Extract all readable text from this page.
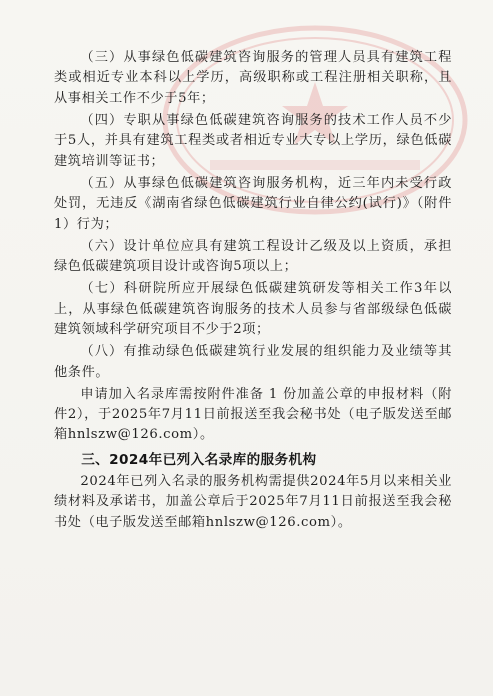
（三）从事绿色低碳建筑咨询服务的管理人员具有建筑工程类或相近专业本科以上学历，高级职称或工程注册相关职称，且从事相关工作不少于5年；

（四）专职从事绿色低碳建筑咨询服务的技术工作人员不少于5人，并具有建筑工程类或者相近专业大专以上学历，绿色低碳建筑培训等证书；

（五）从事绿色低碳建筑咨询服务机构，近三年内未受行政处罚，无违反《湖南省绿色低碳建筑行业自律公约(试行)》（附件1）行为；

（六）设计单位应具有建筑工程设计乙级及以上资质，承担绿色低碳建筑项目设计或咨询5项以上；

（七）科研院所应开展绿色低碳建筑研发等相关工作3年以上，从事绿色低碳建筑咨询服务的技术人员参与省部级绿色低碳建筑领域科学研究项目不少于2项；

（八）有推动绿色低碳建筑行业发展的组织能力及业绩等其他条件。

申请加入名录库需按附件准备 1 份加盖公章的申报材料（附件2），于2025年7月11日前报送至我会秘书处（电子版发送至邮箱hnlszw@126.com）。

三、2024年已列入名录库的服务机构

2024年已列入名录的服务机构需提供2024年5月以来相关业绩材料及承诺书，加盖公章后于2025年7月11日前报送至我会秘书处（电子版发送至邮箱hnlszw@126.com）。
